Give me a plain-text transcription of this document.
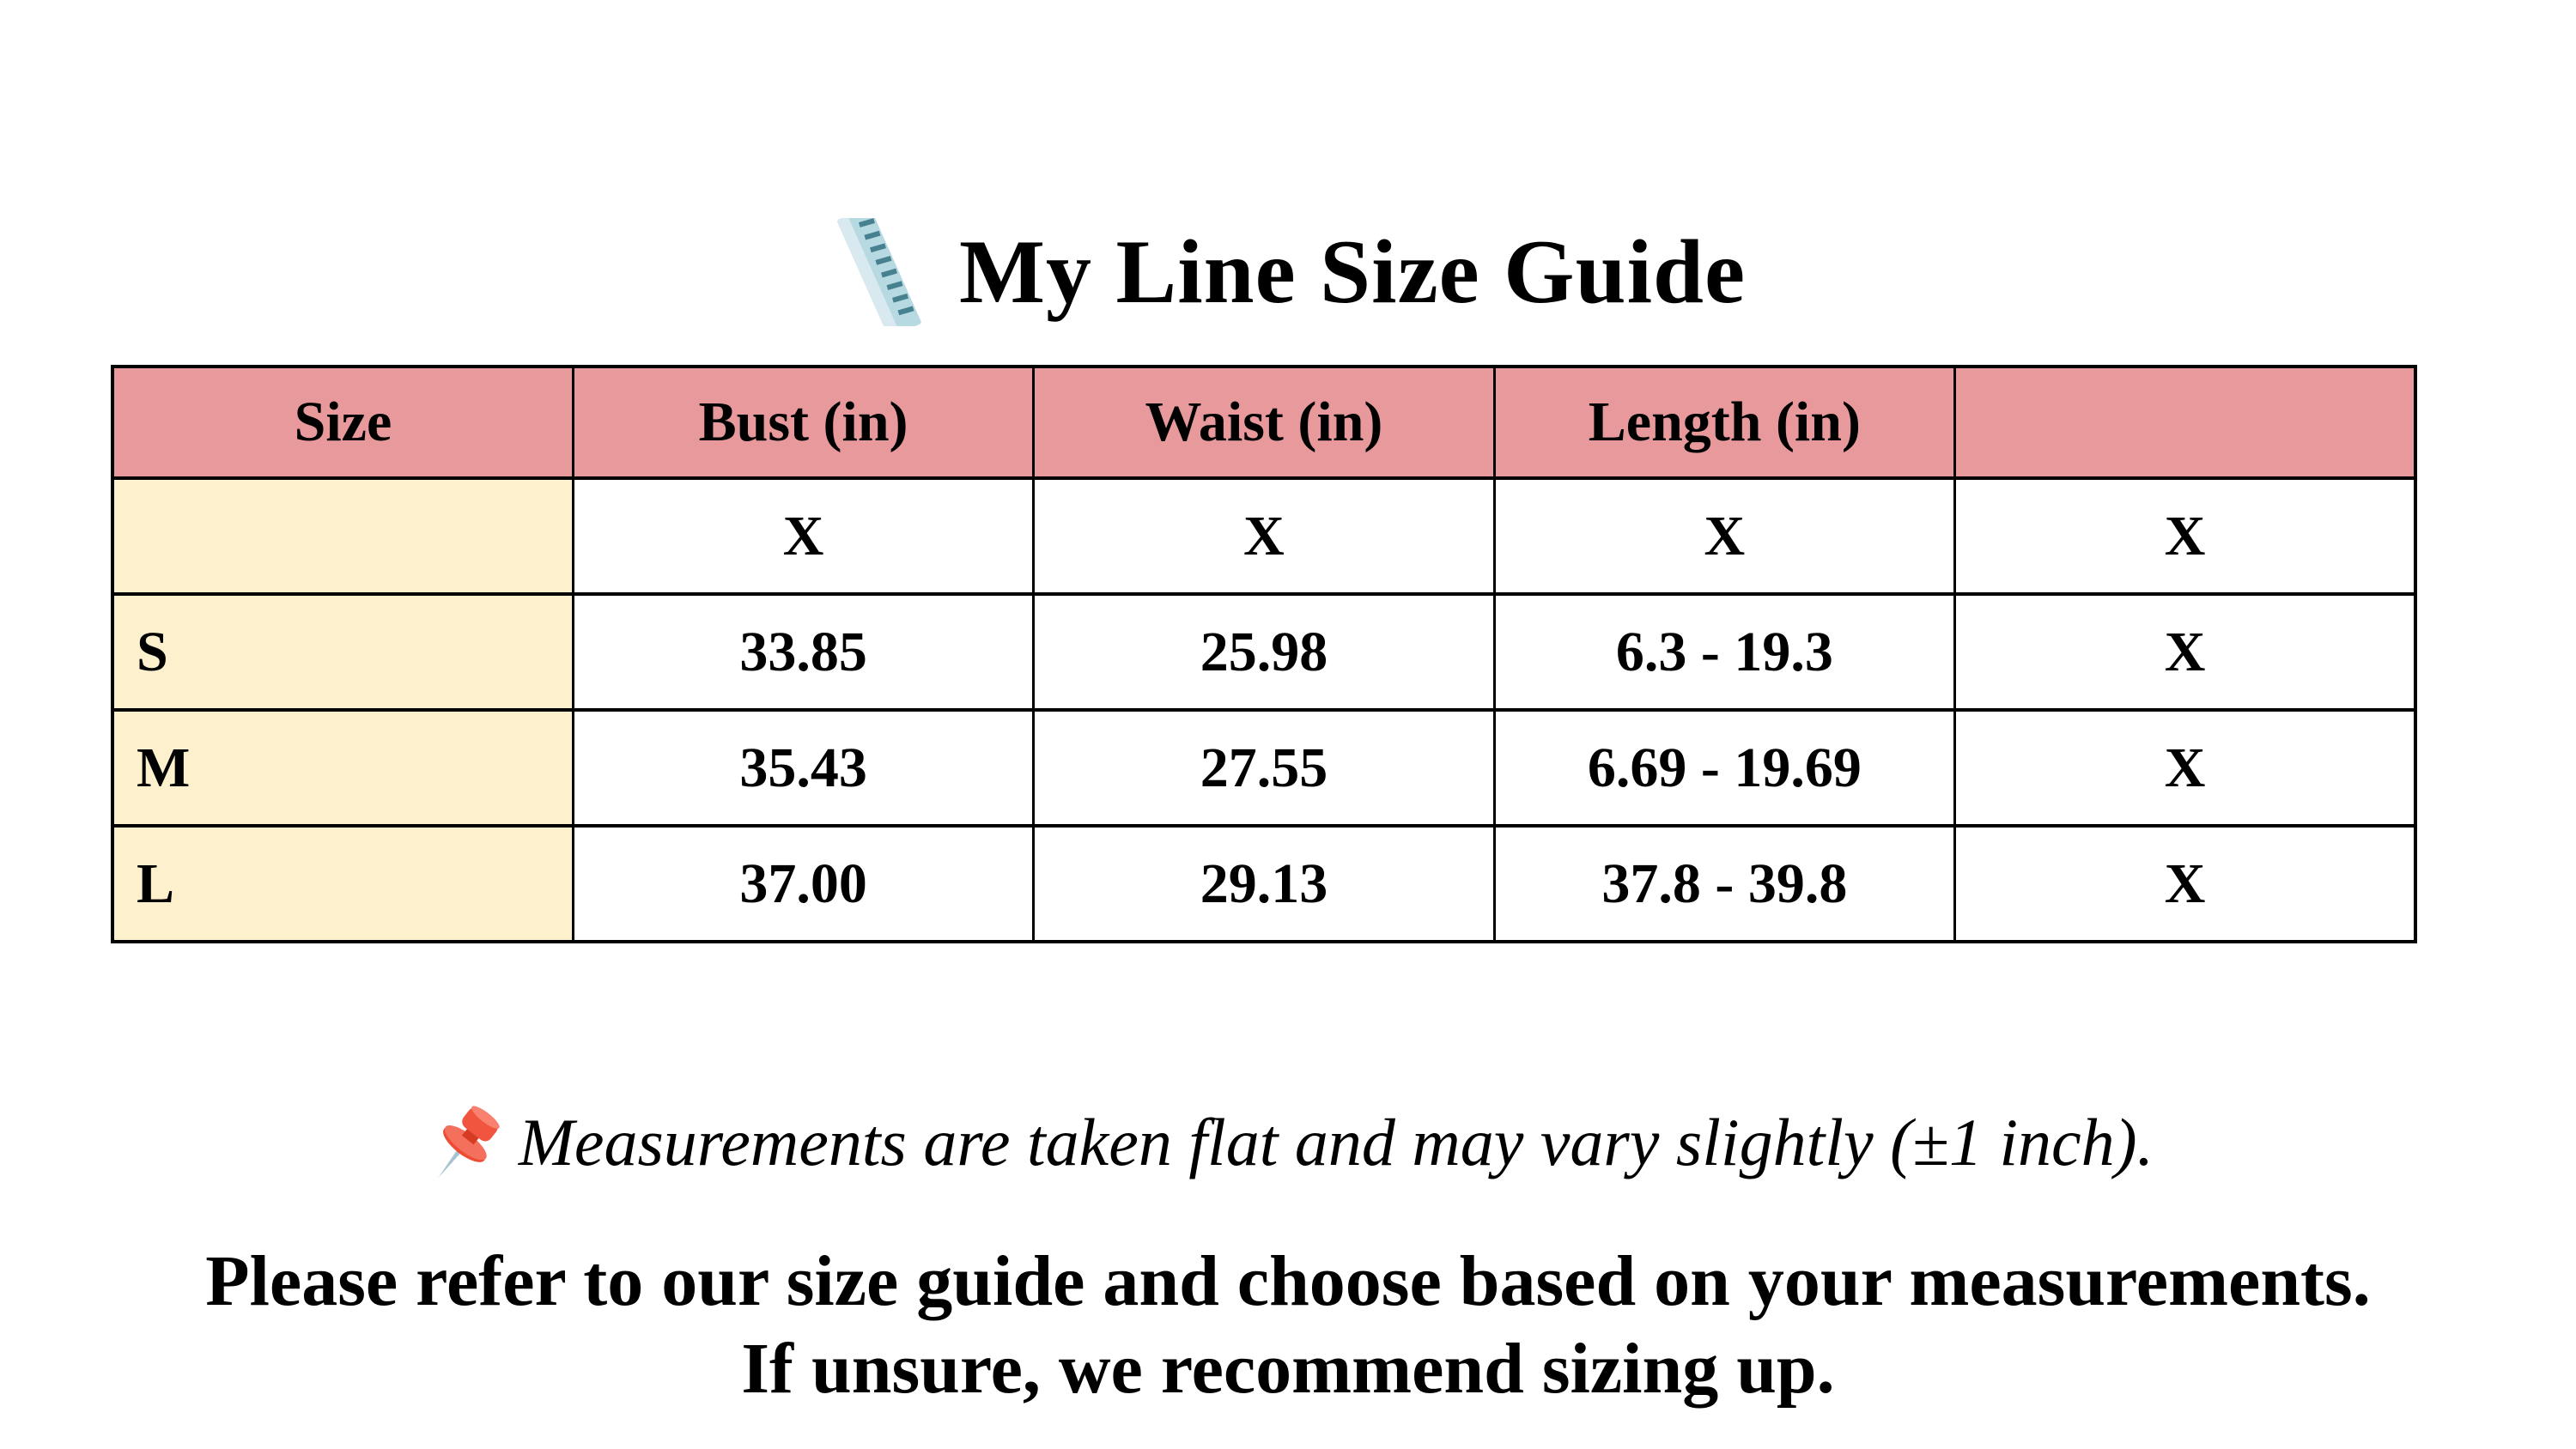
My Line Size Guide
Size	Bust (in)	Waist (in)	Length (in)	
	X	X	X	X
S	33.85	25.98	6.3 - 19.3	X
M	35.43	27.55	6.69 - 19.69	X
L	37.00	29.13	37.8 - 39.8	X
Measurements are taken flat and may vary slightly (±1 inch).
Please refer to our size guide and choose based on your measurements.
If unsure, we recommend sizing up.
